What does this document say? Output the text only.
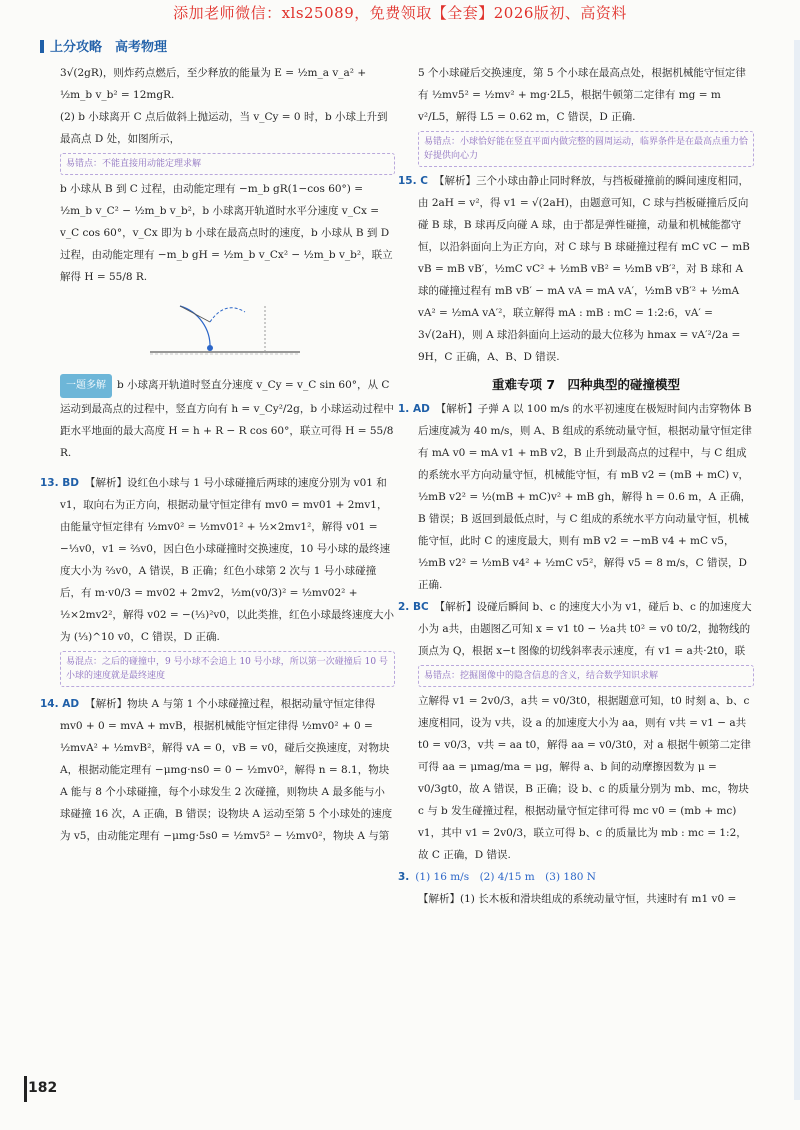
添加老师微信：xls25089，免费领取【全套】2026版初、高资料
上分攻略　高考物理

3√(2gR)，则炸药点燃后，至少释放的能量为 E = ½m_a v_a² + ½m_b v_b² = 12mgR.

(2) b 小球离开 C 点后做斜上抛运动，当 v_Cy = 0 时，b 小球上升到最高点 D 处，如图所示，

易错点：不能直接用动能定理求解

b 小球从 B 到 C 过程，由动能定理有 −m_b gR(1−cos 60°) = ½m_b v_C² − ½m_b v_b²，b 小球离开轨道时水平分速度 v_Cx = v_C cos 60°，v_Cx 即为 b 小球在最高点时的速度，b 小球从 B 到 D 过程，由动能定理有 −m_b gH = ½m_b v_Cx² − ½m_b v_b²，联立解得 H = 55/8 R.

一题多解 b 小球离开轨道时竖直分速度 v_Cy = v_C sin 60°，从 C 运动到最高点的过程中，竖直方向有 h = v_Cy²/2g，b 小球运动过程中距水平地面的最大高度 H = h + R − R cos 60°，联立可得 H = 55/8 R.

13. BD 【解析】设红色小球与 1 号小球碰撞后两球的速度分别为 v01 和 v1，取向右为正方向，根据动量守恒定律有 mv0 = mv01 + 2mv1，由能量守恒定律有 ½mv0² = ½mv01² + ½×2mv1²，解得 v01 = −⅓v0，v1 = ⅔v0，因白色小球碰撞时交换速度，10 号小球的最终速度大小为 ⅔v0，A 错误，B 正确；红色小球第 2 次与 1 号小球碰撞后，有 m·v0/3 = mv02 + 2mv2，½m(v0/3)² = ½mv02² + ½×2mv2²，解得 v02 = −(⅓)²v0，以此类推，红色小球最终速度大小为 (⅓)^10 v0，C 错误，D 正确.

易混点：之后的碰撞中，9 号小球不会追上 10 号小球，所以第一次碰撞后 10 号小球的速度就是最终速度

14. AD 【解析】物块 A 与第 1 个小球碰撞过程，根据动量守恒定律得 mv0 + 0 = mvA + mvB，根据机械能守恒定律得 ½mv0² + 0 = ½mvA² + ½mvB²，解得 vA = 0，vB = v0，碰后交换速度，对物块 A，根据动能定理有 −μmg·ns0 = 0 − ½mv0²，解得 n = 8.1，物块 A 能与 8 个小球碰撞，每个小球发生 2 次碰撞，则物块 A 最多能与小球碰撞 16 次，A 正确，B 错误；设物块 A 运动至第 5 个小球处的速度为 v5，由动能定理有 −μmg·5s0 = ½mv5² − ½mv0²，物块 A 与第

5 个小球碰后交换速度，第 5 个小球在最高点处，根据机械能守恒定律有 ½mv5² = ½mv² + mg·2L5，根据牛顿第二定律有 mg = m v²/L5，解得 L5 = 0.62 m，C 错误，D 正确.

易错点：小球恰好能在竖直平面内做完整的圆周运动，临界条件是在最高点重力恰好提供向心力

15. C 【解析】三个小球由静止同时释放，与挡板碰撞前的瞬间速度相同，由 2aH = v²，得 v1 = √(2aH)，由题意可知，C 球与挡板碰撞后反向碰 B 球，B 球再反向碰 A 球，由于都是弹性碰撞，动量和机械能都守恒，以沿斜面向上为正方向，对 C 球与 B 球碰撞过程有 mC vC − mB vB = mB vB′，½mC vC² + ½mB vB² = ½mB vB′²，对 B 球和 A 球的碰撞过程有 mB vB′ − mA vA = mA vA′，½mB vB′² + ½mA vA² = ½mA vA′²，联立解得 mA : mB : mC = 1:2:6，vA′ = 3√(2aH)，则 A 球沿斜面向上运动的最大位移为 hmax = vA′²/2a = 9H，C 正确，A、B、D 错误.

重难专项 7　四种典型的碰撞模型

1. AD 【解析】子弹 A 以 100 m/s 的水平初速度在极短时间内击穿物体 B 后速度减为 40 m/s，则 A、B 组成的系统动量守恒，根据动量守恒定律有 mA v0 = mA v1 + mB v2，B 止升到最高点的过程中，与 C 组成的系统水平方向动量守恒，机械能守恒，有 mB v2 = (mB + mC) v，½mB v2² = ½(mB + mC)v² + mB gh，解得 h = 0.6 m，A 正确，B 错误；B 返回到最低点时，与 C 组成的系统水平方向动量守恒，机械能守恒，此时 C 的速度最大，则有 mB v2 = −mB v4 + mC v5，½mB v2² = ½mB v4² + ½mC v5²，解得 v5 = 8 m/s，C 错误，D 正确.

2. BC 【解析】设碰后瞬间 b、c 的速度大小为 v1，碰后 b、c 的加速度大小为 a共，由题图乙可知 x = v1 t0 − ½a共 t0² = v0 t0/2，抛物线的顶点为 Q，根据 x−t 图像的切线斜率表示速度，有 v1 = a共·2t0，联

易错点：挖掘图像中的隐含信息的含义，结合数学知识求解

立解得 v1 = 2v0/3，a共 = v0/3t0，根据题意可知，t0 时刻 a、b、c 速度相同，设为 v共，设 a 的加速度大小为 aa，则有 v共 = v1 − a共 t0 = v0/3，v共 = aa t0，解得 aa = v0/3t0，对 a 根据牛顿第二定律可得 aa = μmag/ma = μg，解得 a、b 间的动摩擦因数为 μ = v0/3gt0，故 A 错误，B 正确；设 b、c 的质量分别为 mb、mc，物块 c 与 b 发生碰撞过程，根据动量守恒定律可得 mc v0 = (mb + mc) v1，其中 v1 = 2v0/3，联立可得 b、c 的质量比为 mb : mc = 1:2，故 C 正确，D 错误.

3. (1) 16 m/s　(2) 4/15 m　(3) 180 N

【解析】(1) 长木板和滑块组成的系统动量守恒，共速时有 m1 v0 =

182
